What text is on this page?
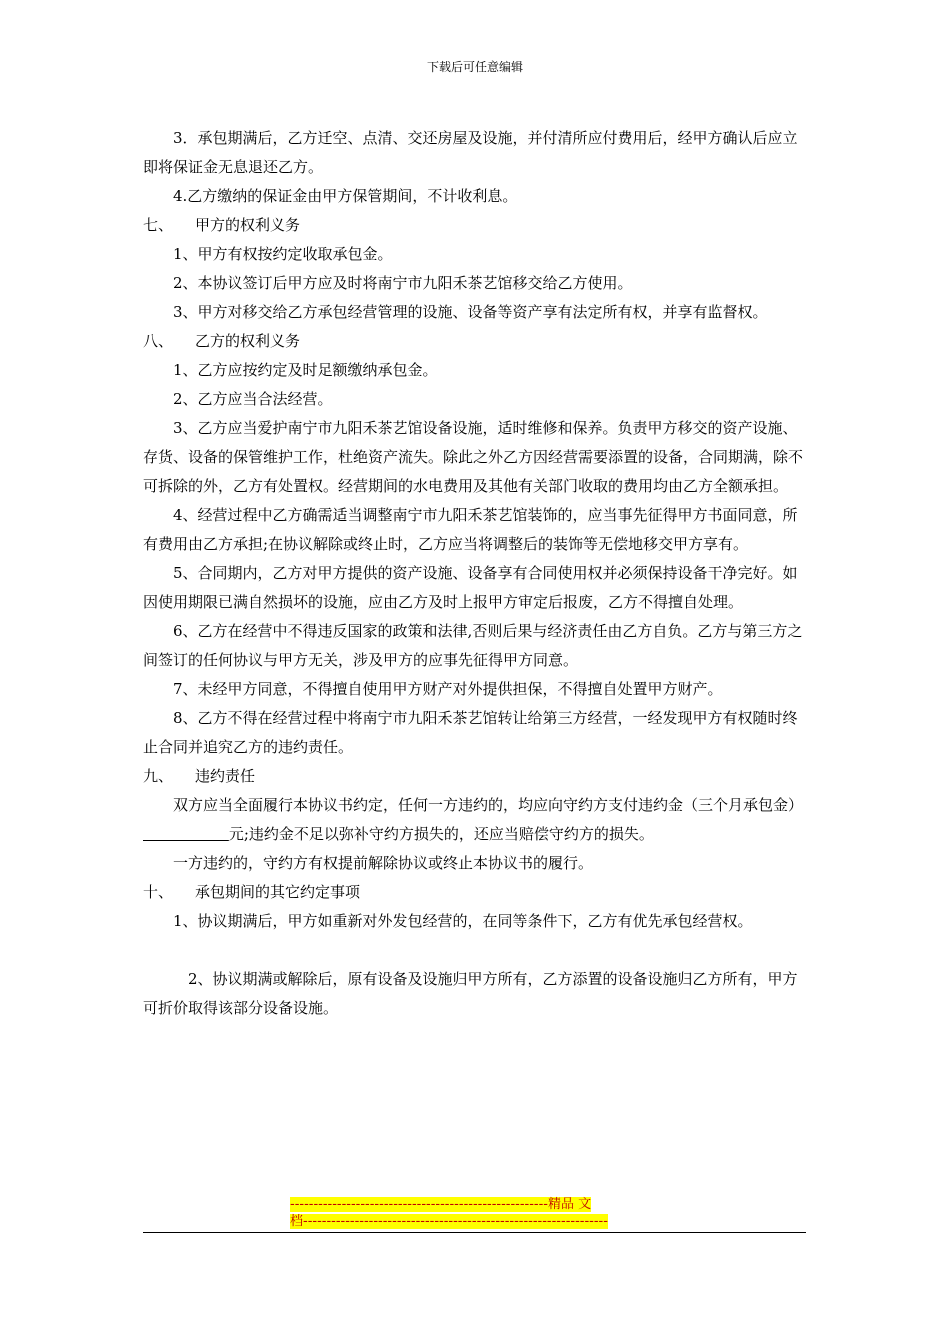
下载后可任意编辑

3．承包期满后，乙方迁空、点清、交还房屋及设施，并付清所应付费用后，经甲方确认后应立即将保证金无息退还乙方。

4.乙方缴纳的保证金由甲方保管期间，不计收利息。

七、 甲方的权利义务

1、甲方有权按约定收取承包金。

2、本协议签订后甲方应及时将南宁市九阳禾茶艺馆移交给乙方使用。

3、甲方对移交给乙方承包经营管理的设施、设备等资产享有法定所有权，并享有监督权。

八、 乙方的权利义务

1、乙方应按约定及时足额缴纳承包金。

2、乙方应当合法经营。

3、乙方应当爱护南宁市九阳禾茶艺馆设备设施，适时维修和保养。负责甲方移交的资产设施、存货、设备的保管维护工作，杜绝资产流失。除此之外乙方因经营需要添置的设备，合同期满，除不可拆除的外，乙方有处置权。经营期间的水电费用及其他有关部门收取的费用均由乙方全额承担。

4、经营过程中乙方确需适当调整南宁市九阳禾茶艺馆装饰的，应当事先征得甲方书面同意，所有费用由乙方承担;在协议解除或终止时，乙方应当将调整后的装饰等无偿地移交甲方享有。

5、合同期内，乙方对甲方提供的资产设施、设备享有合同使用权并必须保持设备干净完好。如因使用期限已满自然损坏的设施，应由乙方及时上报甲方审定后报废，乙方不得擅自处理。

6、乙方在经营中不得违反国家的政策和法律,否则后果与经济责任由乙方自负。乙方与第三方之间签订的任何协议与甲方无关，涉及甲方的应事先征得甲方同意。

7、未经甲方同意，不得擅自使用甲方财产对外提供担保，不得擅自处置甲方财产。

8、乙方不得在经营过程中将南宁市九阳禾茶艺馆转让给第三方经营，一经发现甲方有权随时终止合同并追究乙方的违约责任。

九、 违约责任

双方应当全面履行本协议书约定，任何一方违约的，均应向守约方支付违约金（三个月承包金）                  元;违约金不足以弥补守约方损失的，还应当赔偿守约方的损失。

一方违约的，守约方有权提前解除协议或终止本协议书的履行。

十、 承包期间的其它约定事项

1、协议期满后，甲方如重新对外发包经营的，在同等条件下，乙方有优先承包经营权。

2、协议期满或解除后，原有设备及设施归甲方所有，乙方添置的设备设施归乙方所有，甲方可折价取得该部分设备设施。

-------------------------------------------------------精品 文
档-----------------------------------------------------------------
